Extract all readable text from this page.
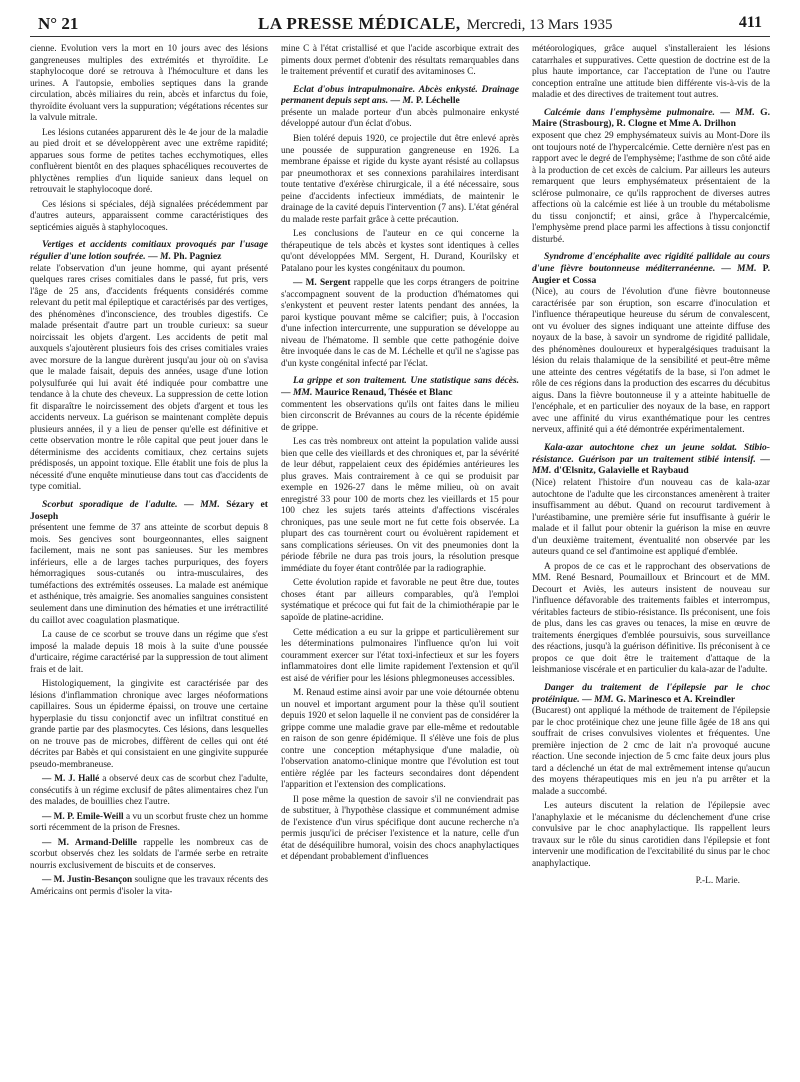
N° 21	LA PRESSE MÉDICALE, Mercredi, 13 Mars 1935	411

cienne. Evolution vers la mort en 10 jours avec des lésions gangreneuses multiples des extrémités et thyroïdite. Le staphylocoque doré se retrouva à l'hémoculture et dans les urines. A l'autopsie, embolies septiques dans la grande circulation, abcès miliaires du rein, abcès et infarctus du foie, thyroïdite évoluant vers la suppuration; végétations récentes sur la valvule mitrale.

Les lésions cutanées apparurent dès le 4e jour de la maladie au pied droit et se développèrent avec une extrême rapidité; apparues sous forme de petites taches ecchymotiques, elles confluèrent bientôt en des plaques sphacéliques recouvertes de phlyctènes remplies d'un liquide sanieux dans lequel on retrouvait le staphylocoque doré.

Ces lésions si spéciales, déjà signalées précédemment par d'autres auteurs, apparaissent comme caractéristiques des septicémies aiguës à staphylocoques.

Vertiges et accidents comitiaux provoqués par l'usage régulier d'une lotion soufrée. — M. Ph. Pagniez

relate l'observation d'un jeune homme, qui ayant présenté quelques rares crises comitiales dans le passé, fut pris, vers l'âge de 25 ans, d'accidents fréquents considérés comme relevant du petit mal épileptique et caractérisés par des vertiges, des phénomènes d'inconscience, des troubles digestifs. Ce malade présentait d'autre part un trouble curieux: sa sueur noircissait les objets d'argent. Les accidents de petit mal auxquels s'ajoutèrent plusieurs fois des crises comitiales vraies avec morsure de la langue durèrent jusqu'au jour où on s'avisa que le malade faisait, depuis des années, usage d'une lotion polysulfurée qui lui avait été indiquée pour combattre une tendance à la chute des cheveux. La suppression de cette lotion fit disparaître le noircissement des objets d'argent et tous les accidents nerveux. La guérison se maintenant complète depuis plusieurs années, il y a lieu de penser qu'elle est définitive et cette observation montre le rôle capital que peut jouer dans le déterminisme des accidents comitiaux, chez certains sujets prédisposés, un appoint toxique. Elle établit une fois de plus la nécessité d'une enquête minutieuse dans tout cas d'accidents de type comitial.

Scorbut sporadique de l'adulte. — MM. Sézary et Joseph

présentent une femme de 37 ans atteinte de scorbut depuis 8 mois. Ses gencives sont bourgeonnantes, elles saignent facilement, mais ne sont pas sanieuses. Sur les membres inférieurs, elle a de larges taches purpuriques, des foyers hémorragiques sous-cutanés ou intra-musculaires, des tuméfactions des extrémités osseuses. La malade est anémique et asthénique, très amaigrie. Ses anomalies sanguines consistent seulement dans une diminution des hématies et une irrétractilité du caillot avec coagulation plasmatique.

La cause de ce scorbut se trouve dans un régime que s'est imposé la malade depuis 18 mois à la suite d'une poussée d'urticaire, régime caractérisé par la suppression de tout aliment frais et de lait.

Histologiquement, la gingivite est caractérisée par des lésions d'inflammation chronique avec larges néoformations capillaires. Sous un épiderme épaissi, on trouve une certaine hyperplasie du tissu conjonctif avec un infiltrat constitué en grande partie par des plasmocytes. Ces lésions, dans lesquelles on ne trouve pas de microbes, diffèrent de celles qui ont été décrites par Babès et qui consistaient en une gingivite suppurée pseudo-membraneuse.

— M. J. Hallé a observé deux cas de scorbut chez l'adulte, consécutifs à un régime exclusif de pâtes alimentaires chez l'un des malades, de bouillies chez l'autre.

— M. P. Emile-Weill a vu un scorbut fruste chez un homme sorti récemment de la prison de Fresnes.

— M. Armand-Delille rappelle les nombreux cas de scorbut observés chez les soldats de l'armée serbe en retraite nourris exclusivement de biscuits et de conserves.

— M. Justin-Besançon souligne que les travaux récents des Américains ont permis d'isoler la vita-

mine C à l'état cristallisé et que l'acide ascorbique extrait des piments doux permet d'obtenir des résultats remarquables dans le traitement préventif et curatif des avitaminoses C.

Eclat d'obus intrapulmonaire. Abcès enkysté. Drainage permanent depuis sept ans. — M. P. Léchelle

présente un malade porteur d'un abcès pulmonaire enkysté développé autour d'un éclat d'obus.

Bien toléré depuis 1920, ce projectile dut être enlevé après une poussée de suppuration gangreneuse en 1926. La membrane épaisse et rigide du kyste ayant résisté au collapsus par pneumothorax et ses connexions parahilaires interdisant toute tentative d'exérèse chirurgicale, il a été nécessaire, sous peine d'accidents infectieux immédiats, de maintenir le drainage de la cavité depuis l'intervention (7 ans). L'état général du malade reste parfait grâce à cette précaution.

Les conclusions de l'auteur en ce qui concerne la thérapeutique de tels abcès et kystes sont identiques à celles qu'ont développées MM. Sergent, H. Durand, Kourilsky et Patalano pour les kystes congénitaux du poumon.

— M. Sergent rappelle que les corps étrangers de poitrine s'accompagnent souvent de la production d'hématomes qui s'enkystent et peuvent rester latents pendant des années, la paroi kystique pouvant même se calcifier; puis, à l'occasion d'une infection intercurrente, une suppuration se développe au niveau de l'hématome. Il semble que cette pathogénie doive être invoquée dans le cas de M. Léchelle et qu'il ne s'agisse pas d'un kyste congénital infecté par l'éclat.

La grippe et son traitement. Une statistique sans décès. — MM. Maurice Renaud, Thésée et Blanc

commentent les observations qu'ils ont faites dans le milieu bien circonscrit de Brévannes au cours de la récente épidémie de grippe.

Les cas très nombreux ont atteint la population valide aussi bien que celle des vieillards et des chroniques et, par la sévérité de leur début, rappelaient ceux des épidémies antérieures les plus graves. Mais contrairement à ce qui se produisit par exemple en 1926-27 dans le même milieu, où on avait enregistré 33 pour 100 de morts chez les vieillards et 15 pour 100 chez les sujets tarés atteints d'affections viscérales chroniques, pas une seule mort ne fut cette fois observée. La plupart des cas tournèrent court ou évoluèrent rapidement et sans complications sérieuses. On vit des pneumonies dont la période fébrile ne dura pas trois jours, la résolution presque immédiate du foyer étant contrôlée par la radiographie.

Cette évolution rapide et favorable ne peut être due, toutes choses étant par ailleurs comparables, qu'à l'emploi systématique et précoce qui fut fait de la chimiothérapie par le sapoïde de platine-acridine.

Cette médication a eu sur la grippe et particulièrement sur les déterminations pulmonaires l'influence qu'on lui voit couramment exercer sur l'état toxi-infectieux et sur les foyers inflammatoires dont elle limite rapidement l'extension et qu'il est aisé de vérifier pour les lésions phlegmoneuses accessibles.

M. Renaud estime ainsi avoir par une voie détournée obtenu un nouvel et important argument pour la thèse qu'il soutient depuis 1920 et selon laquelle il ne convient pas de considérer la grippe comme une maladie grave par elle-même et redoutable en raison de son genre épidémique. Il s'élève une fois de plus contre une conception métaphysique d'une maladie, où l'observation anatomo-clinique montre que l'évolution est tout entière réglée par les facteurs secondaires dont dépendent l'apparition et l'extension des complications.

Il pose même la question de savoir s'il ne conviendrait pas de substituer, à l'hypothèse classique et communément admise de l'existence d'un virus spécifique dont aucune recherche n'a permis jusqu'ici de préciser l'existence et la nature, celle d'un état de déséquilibre humoral, voisin des chocs anaphylactiques et dépendant probablement d'influences

météorologiques, grâce auquel s'installeraient les lésions catarrhales et suppuratives. Cette question de doctrine est de la plus haute importance, car l'acceptation de l'une ou l'autre conception entraîne une attitude bien différente vis-à-vis de la maladie et des directives de traitement tout autres.

Calcémie dans l'emphysème pulmonaire. — MM. G. Maire (Strasbourg), R. Clogne et Mme A. Drilhon

exposent que chez 29 emphysémateux suivis au Mont-Dore ils ont toujours noté de l'hypercalcémie. Cette dernière n'est pas en rapport avec le degré de l'emphysème; l'asthme de son côté aide à la production de cet excès de calcium. Par ailleurs les auteurs remarquent que leurs emphysémateux présentaient de la sclérose pulmonaire, ce qu'ils rapprochent de diverses autres affections où la calcémie est liée à un trouble du métabolisme du tissu conjonctif; et ainsi, grâce à l'hypercalcémie, l'emphysème prend place parmi les affections à tissu conjonctif disturbé.

Syndrome d'encéphalite avec rigidité pallidale au cours d'une fièvre boutonneuse méditerranéenne. — MM. P. Augier et Cossa

(Nice), au cours de l'évolution d'une fièvre boutonneuse caractérisée par son éruption, son escarre d'inoculation et l'influence thérapeutique heureuse du sérum de convalescent, ont vu évoluer des signes indiquant une atteinte diffuse des noyaux de la base, à savoir un syndrome de rigidité pallidale, des phénomènes douloureux et hyperalgésiques traduisant la lésion du relais thalamique de la sensibilité et peut-être même une atteinte des centres végétatifs de la base, si l'on admet le rôle de ces régions dans la production des escarres du décubitus aigus. Dans la fièvre boutonneuse il y a atteinte habituelle de l'encéphale, et en particulier des noyaux de la base, en rapport avec une affinité du virus exanthématique pour les centres nerveux, affinité qui a été démontrée expérimentalement.

Kala-azar autochtone chez un jeune soldat. Stibio-résistance. Guérison par un traitement stibié intensif. — MM. d'Œlsnitz, Galavielle et Raybaud

(Nice) relatent l'histoire d'un nouveau cas de kala-azar autochtone de l'adulte que les circonstances amenèrent à traiter insuffisamment au début. Quand on recourut tardivement à l'uréastibamine, une première série fut insuffisante à guérir le malade et il fallut pour obtenir la guérison la mise en œuvre d'un deuxième traitement, éventualité non observée par les auteurs quand ce sel d'antimoine est appliqué d'emblée.

A propos de ce cas et le rapprochant des observations de MM. René Besnard, Poumailloux et Brincourt et de MM. Decourt et Aviès, les auteurs insistent de nouveau sur l'influence défavorable des traitements faibles et interrompus, véritables facteurs de stibio-résistance. Ils préconisent, une fois de plus, dans les cas graves ou tenaces, la mise en œuvre de traitements énergiques d'emblée poursuivis, sous surveillance des réactions, jusqu'à la guérison définitive. Ils préconisent à ce propos ce que doit être le traitement d'attaque de la leishmaniose viscérale et en particulier du kala-azar de l'adulte.

Danger du traitement de l'épilepsie par le choc protéinique. — MM. G. Marinesco et A. Kreindler

(Bucarest) ont appliqué la méthode de traitement de l'épilepsie par le choc protéinique chez une jeune fille âgée de 18 ans qui souffrait de crises convulsives violentes et fréquentes. Une première injection de 2 cmc de lait n'a provoqué aucune réaction. Une seconde injection de 5 cmc faite deux jours plus tard a déclenché un état de mal extrêmement intense qu'aucun des moyens thérapeutiques mis en jeu n'a pu arrêter et la malade a succombé.

Les auteurs discutent la relation de l'épilepsie avec l'anaphylaxie et le mécanisme du déclenchement d'une crise convulsive par le choc anaphylactique. Ils rappellent leurs travaux sur le rôle du sinus carotidien dans l'épilepsie et font intervenir une modification de l'excitabilité du sinus par le choc anaphylactique.

P.-L. Marie.
